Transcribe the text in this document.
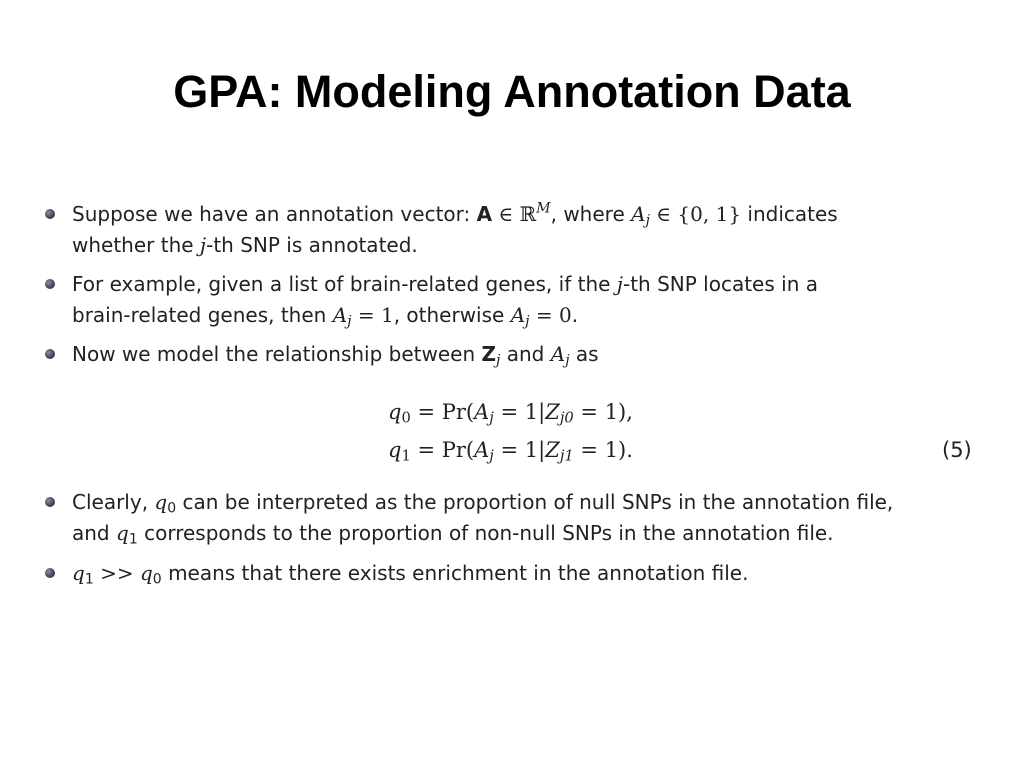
GPA: Modeling Annotation Data
Suppose we have an annotation vector: A ∈ ℝ$^M$, where $A_j$ ∈ {0, 1} indicates
whether the j-th SNP is annotated.
For example, given a list of brain-related genes, if the j-th SNP locates in a
brain-related genes, then $A_j = 1$, otherwise $A_j = 0$.
Now we model the relationship between $Z_j$ and $A_j$ as
$q_0 = Pr(A_j = 1|Z_{j0} = 1)$,
$q_1 = Pr(A_j = 1|Z_{j1} = 1)$.	(5)
Clearly, $q_0$ can be interpreted as the proportion of null SNPs in the annotation file,
and $q_1$ corresponds to the proportion of non-null SNPs in the annotation file.
$q_1 >> q_0$ means that there exists enrichment in the annotation file.
